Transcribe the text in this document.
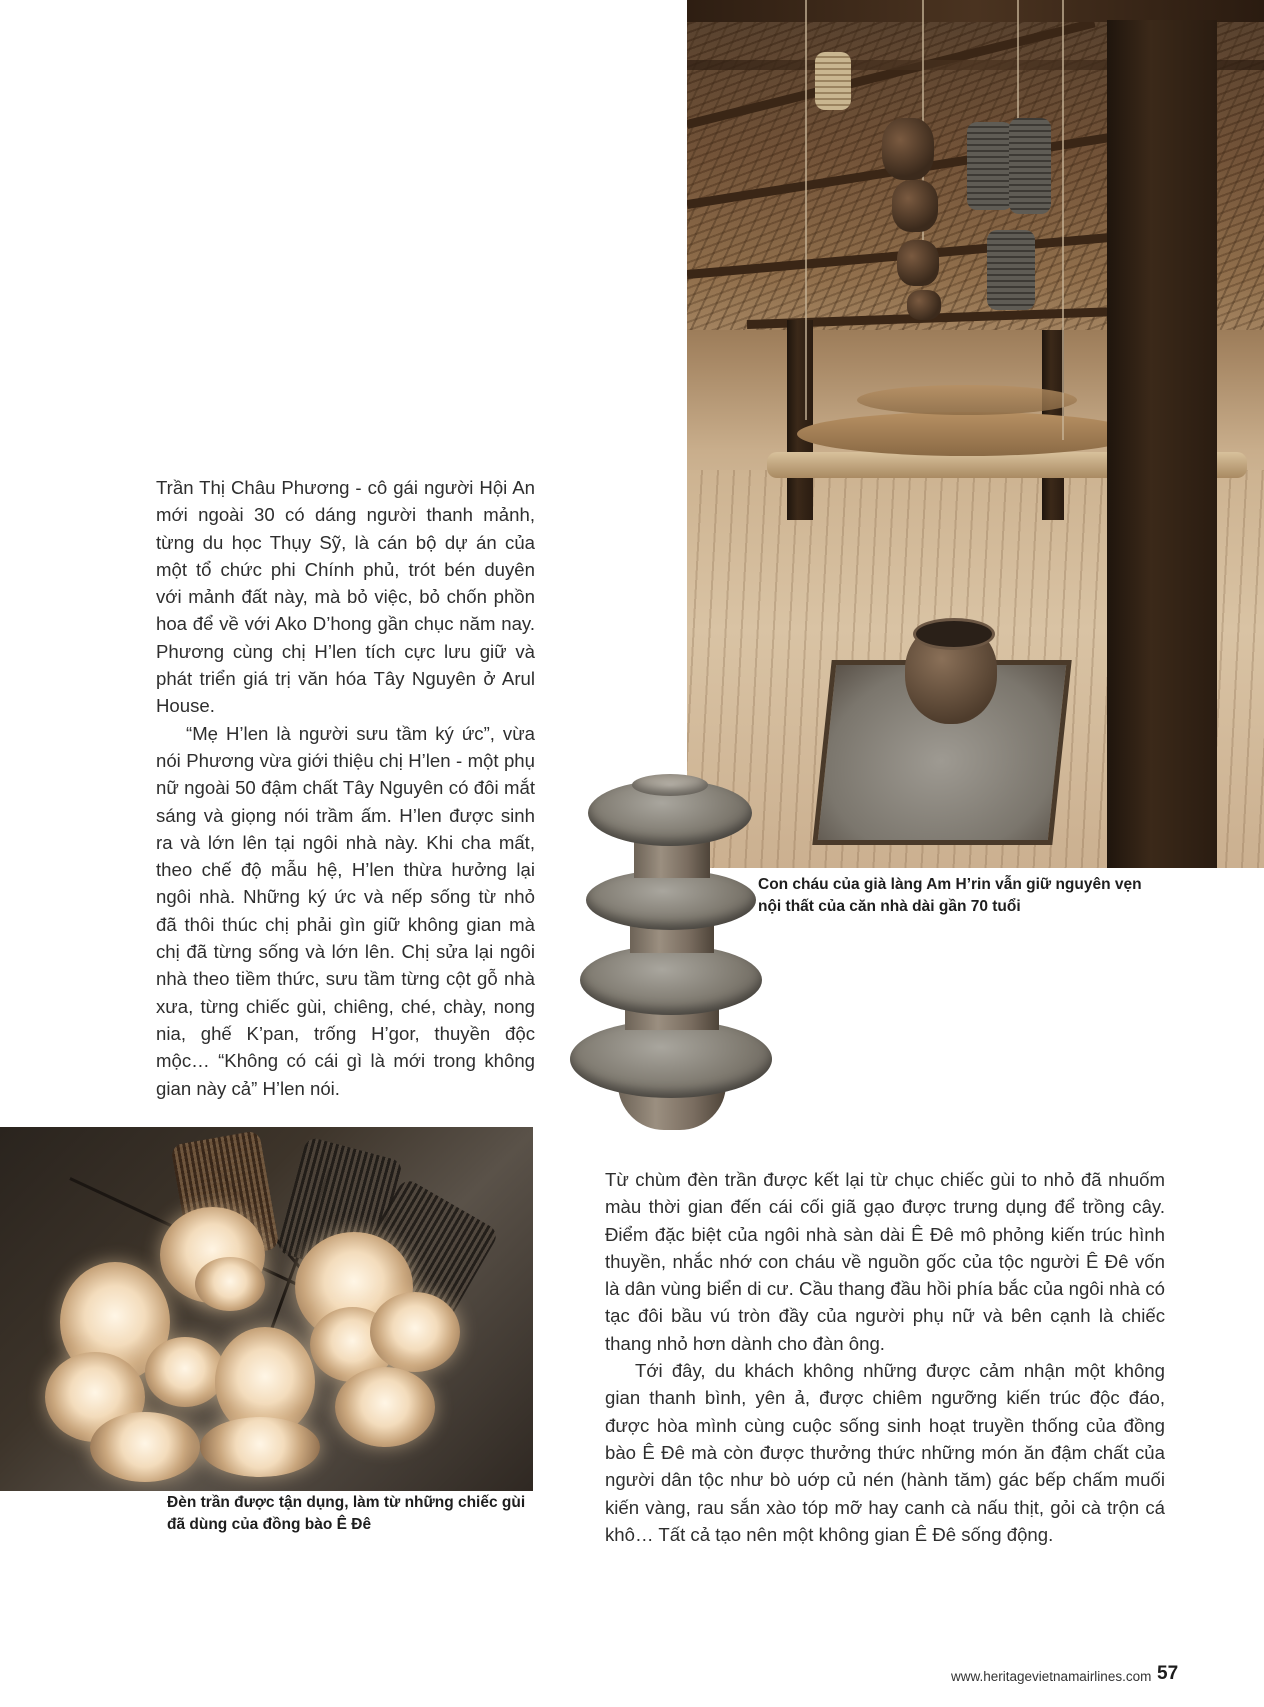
Trần Thị Châu Phương - cô gái người Hội An mới ngoài 30 có dáng người thanh mảnh, từng du học Thụy Sỹ, là cán bộ dự án của một tổ chức phi Chính phủ, trót bén duyên với mảnh đất này, mà bỏ việc, bỏ chốn phồn hoa để về với Ako D’hong gần chục năm nay. Phương cùng chị H’len tích cực lưu giữ và phát triển giá trị văn hóa Tây Nguyên ở Arul House.

“Mẹ H’len là người sưu tầm ký ức”, vừa nói Phương vừa giới thiệu chị H’len - một phụ nữ ngoài 50 đậm chất Tây Nguyên có đôi mắt sáng và giọng nói trầm ấm. H’len được sinh ra và lớn lên tại ngôi nhà này. Khi cha mất, theo chế độ mẫu hệ, H’len thừa hưởng lại ngôi nhà. Những ký ức và nếp sống từ nhỏ đã thôi thúc chị phải gìn giữ không gian mà chị đã từng sống và lớn lên. Chị sửa lại ngôi nhà theo tiềm thức, sưu tầm từng cột gỗ nhà xưa, từng chiếc gùi, chiêng, ché, chày, nong nia, ghế K’pan, trống H’gor, thuyền độc mộc… “Không có cái gì là mới trong không gian này cả” H’len nói.

Từ chùm đèn trần được kết lại từ chục chiếc gùi to nhỏ đã nhuốm màu thời gian đến cái cối giã gạo được trưng dụng để trồng cây. Điểm đặc biệt của ngôi nhà sàn dài Ê Đê mô phỏng kiến trúc hình thuyền, nhắc nhớ con cháu về nguồn gốc của tộc người Ê Đê vốn là dân vùng biển di cư. Cầu thang đầu hồi phía bắc của ngôi nhà có tạc đôi bầu vú tròn đầy của người phụ nữ và bên cạnh là chiếc thang nhỏ hơn dành cho đàn ông.

Tới đây, du khách không những được cảm nhận một không gian thanh bình, yên ả, được chiêm ngưỡng kiến trúc độc đáo, được hòa mình cùng cuộc sống sinh hoạt truyền thống của đồng bào Ê Đê mà còn được thưởng thức những món ăn đậm chất của người dân tộc như bò uớp củ nén (hành tăm) gác bếp chấm muối kiến vàng, rau sắn xào tóp mỡ hay canh cà nấu thịt, gỏi cà trộn cá khô… Tất cả tạo nên một không gian Ê Đê sống động.

Con cháu của già làng Am H’rin vẫn giữ nguyên vẹn nội thất của căn nhà dài gần 70 tuổi
Đèn trần được tận dụng, làm từ những chiếc gùi đã dùng của đồng bào Ê Đê
www.heritagevietnamairlines.com 57
